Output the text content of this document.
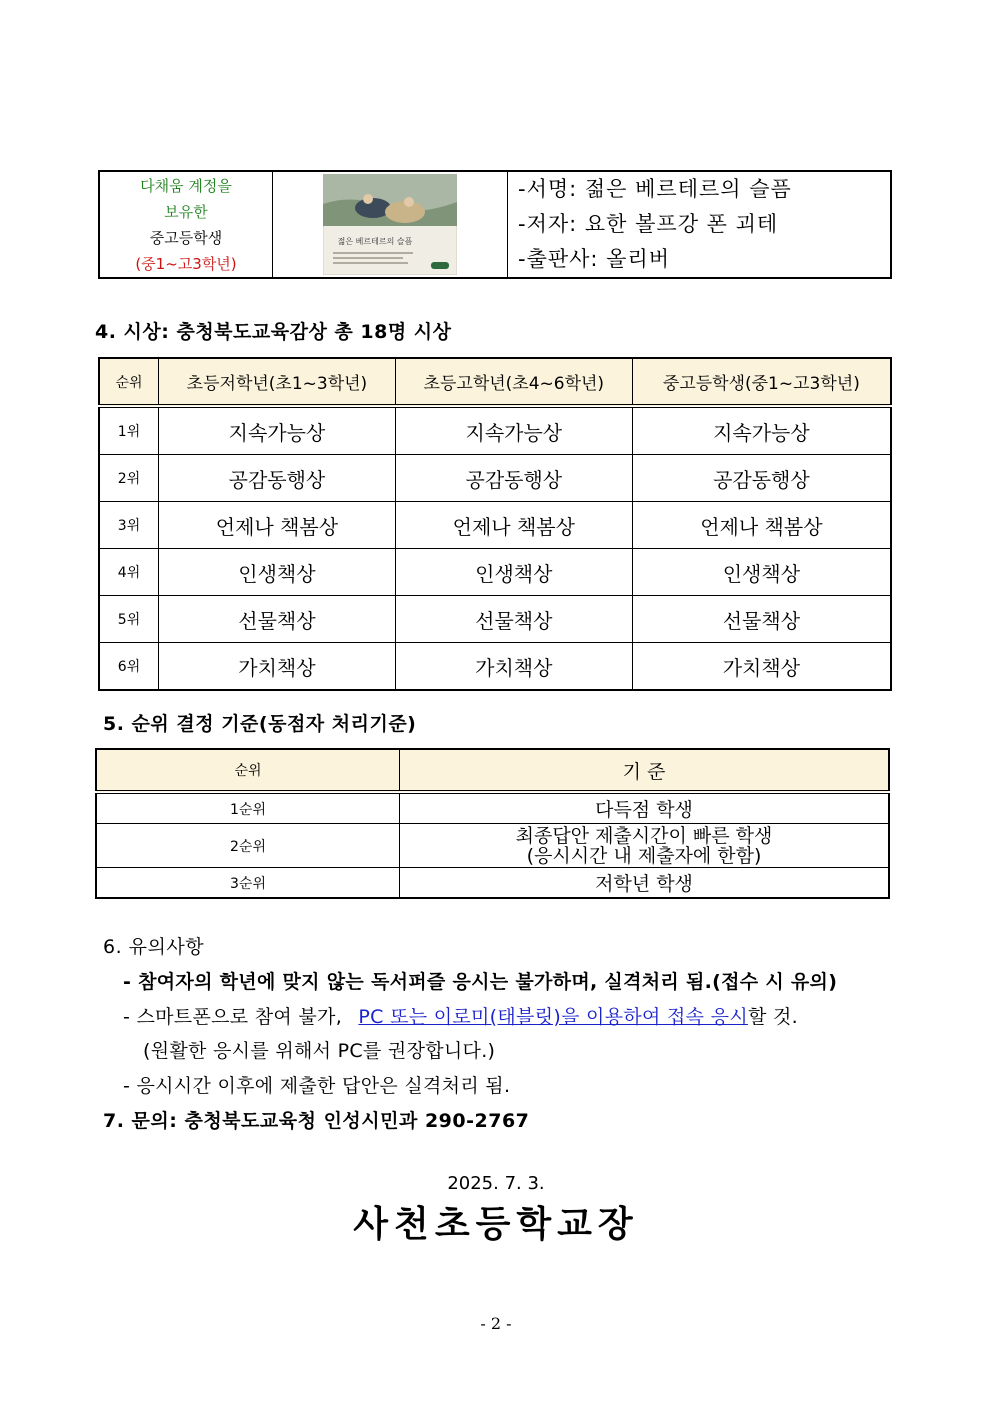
다채움 계정을
보유한
중고등학생
(중1~고3학년)

젊은 베르테르의 슬픔

-서명: 젊은 베르테르의 슬픔
-저자: 요한 볼프강 폰 괴테
-출판사: 올리버
4. 시상: 충청북도교육감상 총 18명 시상
순위	초등저학년(초1~3학년)	초등고학년(초4~6학년)	중고등학생(중1~고3학년)
1위	지속가능상	지속가능상	지속가능상
2위	공감동행상	공감동행상	공감동행상
3위	언제나 책봄상	언제나 책봄상	언제나 책봄상
4위	인생책상	인생책상	인생책상
5위	선물책상	선물책상	선물책상
6위	가치책상	가치책상	가치책상
5. 순위 결정 기준(동점자 처리기준)
순위	기 준
1순위	다득점 학생

2순위	최종답안 제출시간이 빠른 학생
(응시시간 내 제출자에 한함)

3순위	저학년 학생
6. 유의사항
- 참여자의 학년에 맞지 않는 독서퍼즐 응시는 불가하며, 실격처리 됨.(접수 시 유의)
- 스마트폰으로 참여 불가, PC 또는 이로미(태블릿)을 이용하여 접속 응시할 것.
(원활한 응시를 위해서 PC를 권장합니다.)
- 응시시간 이후에 제출한 답안은 실격처리 됨.
7. 문의: 충청북도교육청 인성시민과 290-2767
2025. 7. 3.
사천초등학교장
- 2 -
